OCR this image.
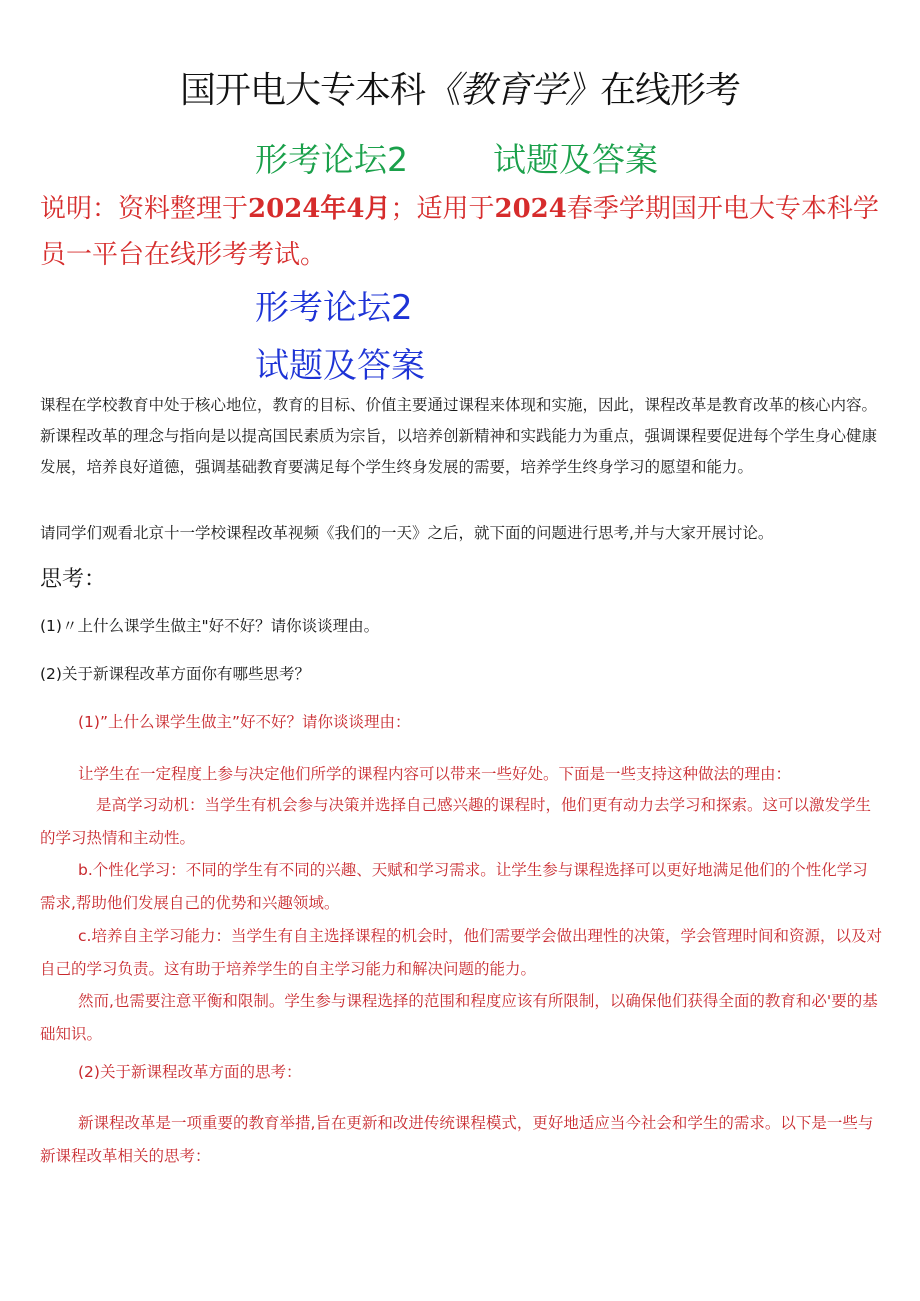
国开电大专本科《教育学》在线形考
形考论坛2	试题及答案
说明：资料整理于2024年4月；适用于2024春季学期国开电大专本科学员一平台在线形考考试。
形考论坛2
试题及答案
课程在学校教育中处于核心地位，教育的目标、价值主要通过课程来体现和实施，因此，课程改革是教育改革的核心内容。新课程改革的理念与指向是以提高国民素质为宗旨，以培养创新精神和实践能力为重点，强调课程要促进每个学生身心健康发展，培养良好道德，强调基础教育要满足每个学生终身发展的需要，培养学生终身学习的愿望和能力。
请同学们观看北京十一学校课程改革视频《我们的一天》之后，就下面的问题进行思考,并与大家开展讨论。
思考：
(1)〃上什么课学生做主"好不好？请你谈谈理由。
(2)关于新课程改革方面你有哪些思考？
(1)”上什么课学生做主”好不好？请你谈谈理由：
让学生在一定程度上参与决定他们所学的课程内容可以带来一些好处。下面是一些支持这种做法的理由：
是高学习动机：当学生有机会参与决策并选择自己感兴趣的课程时，他们更有动力去学习和探索。这可以激发学生的学习热情和主动性。
b.个性化学习：不同的学生有不同的兴趣、天赋和学习需求。让学生参与课程选择可以更好地满足他们的个性化学习需求,帮助他们发展自己的优势和兴趣领域。
c.培养自主学习能力：当学生有自主选择课程的机会时，他们需要学会做出理性的决策，学会管理时间和资源，以及对自己的学习负责。这有助于培养学生的自主学习能力和解决问题的能力。
然而,也需要注意平衡和限制。学生参与课程选择的范围和程度应该有所限制，以确保他们获得全面的教育和必'要的基础知识。
(2)关于新课程改革方面的思考：
新课程改革是一项重要的教育举措,旨在更新和改进传统课程模式，更好地适应当今社会和学生的需求。以下是一些与新课程改革相关的思考：
